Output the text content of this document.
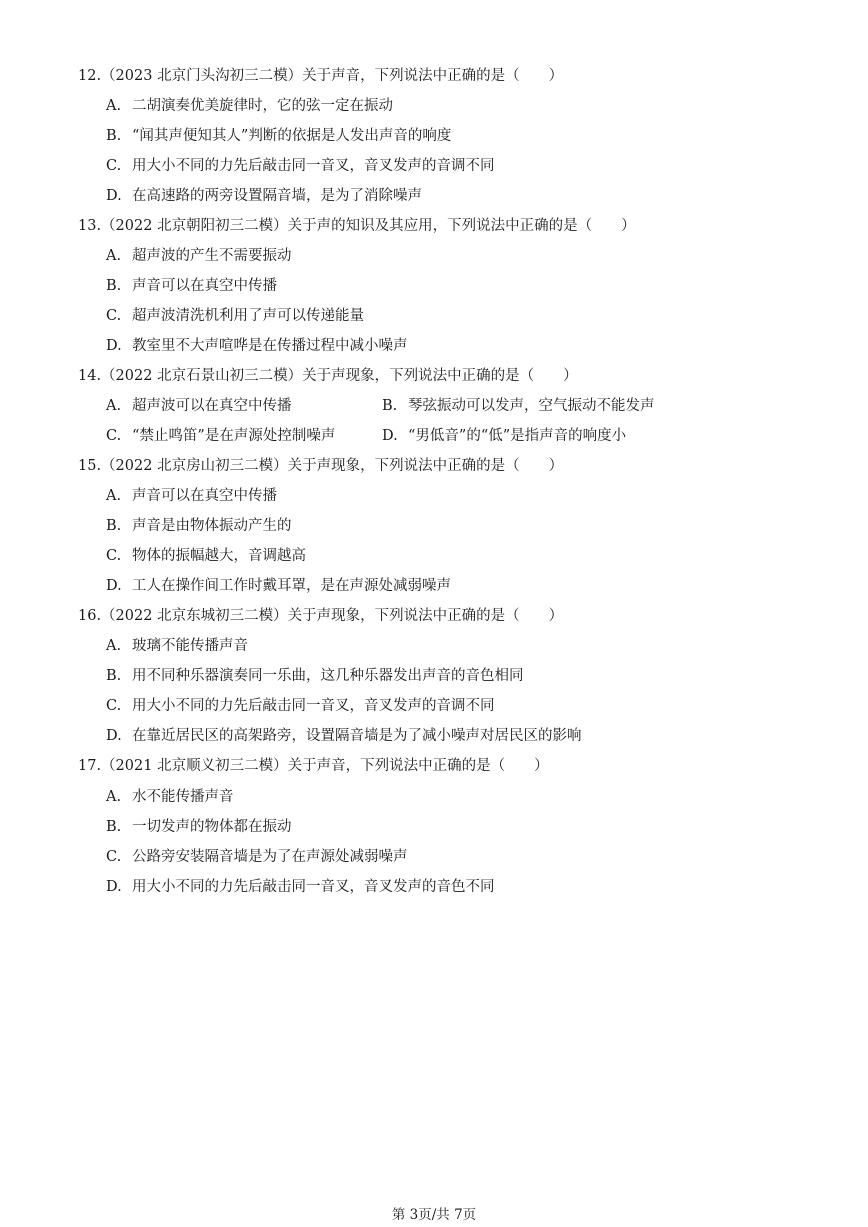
12.（2023 北京门头沟初三二模）关于声音，下列说法中正确的是（　　）
A. 二胡演奏优美旋律时，它的弦一定在振动
B. “闻其声便知其人”判断的依据是人发出声音的响度
C. 用大小不同的力先后敲击同一音叉，音叉发声的音调不同
D. 在高速路的两旁设置隔音墙，是为了消除噪声
13.（2022 北京朝阳初三二模）关于声的知识及其应用，下列说法中正确的是（　　）
A. 超声波的产生不需要振动
B. 声音可以在真空中传播
C. 超声波清洗机利用了声可以传递能量
D. 教室里不大声喧哗是在传播过程中减小噪声
14.（2022 北京石景山初三二模）关于声现象，下列说法中正确的是（　　）
A. 超声波可以在真空中传播	B. 琴弦振动可以发声，空气振动不能发声
C. “禁止鸣笛”是在声源处控制噪声	D. “男低音”的“低”是指声音的响度小
15.（2022 北京房山初三二模）关于声现象，下列说法中正确的是（　　）
A. 声音可以在真空中传播
B. 声音是由物体振动产生的
C. 物体的振幅越大，音调越高
D. 工人在操作间工作时戴耳罩，是在声源处减弱噪声
16.（2022 北京东城初三二模）关于声现象，下列说法中正确的是（　　）
A. 玻璃不能传播声音
B. 用不同种乐器演奏同一乐曲，这几种乐器发出声音的音色相同
C. 用大小不同的力先后敲击同一音叉，音叉发声的音调不同
D. 在靠近居民区的高架路旁，设置隔音墙是为了减小噪声对居民区的影响
17.（2021 北京顺义初三二模）关于声音，下列说法中正确的是（　　）
A. 水不能传播声音
B. 一切发声的物体都在振动
C. 公路旁安装隔音墙是为了在声源处减弱噪声
D. 用大小不同的力先后敲击同一音叉，音叉发声的音色不同
第 3页/共 7页
